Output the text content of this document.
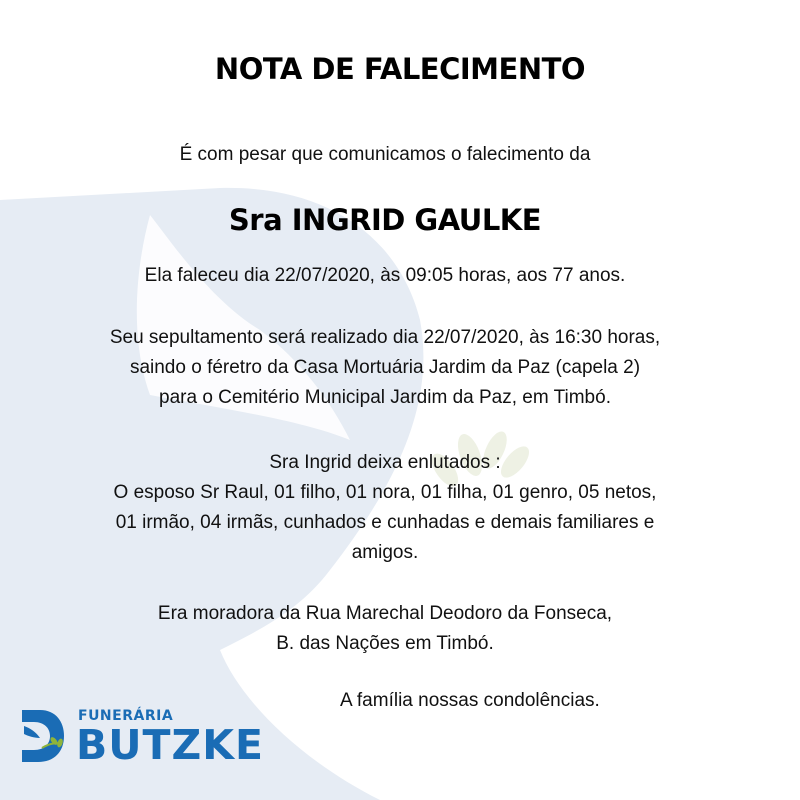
NOTA DE FALECIMENTO
É com pesar que comunicamos o falecimento da
Sra INGRID GAULKE
Ela faleceu dia 22/07/2020, às 09:05 horas, aos 77 anos.
Seu sepultamento será realizado dia 22/07/2020, às 16:30 horas,
saindo o féretro da Casa Mortuária Jardim da Paz (capela 2)
para o Cemitério Municipal Jardim da Paz, em Timbó.
Sra Ingrid deixa enlutados :
O esposo Sr Raul, 01 filho, 01 nora, 01 filha, 01 genro, 05 netos,
01 irmão, 04 irmãs, cunhados e cunhadas e demais familiares e
amigos.
Era moradora da Rua Marechal Deodoro da Fonseca,
B. das Nações em Timbó.
A família nossas condolências.
FUNERÁRIA
BUTZKE
